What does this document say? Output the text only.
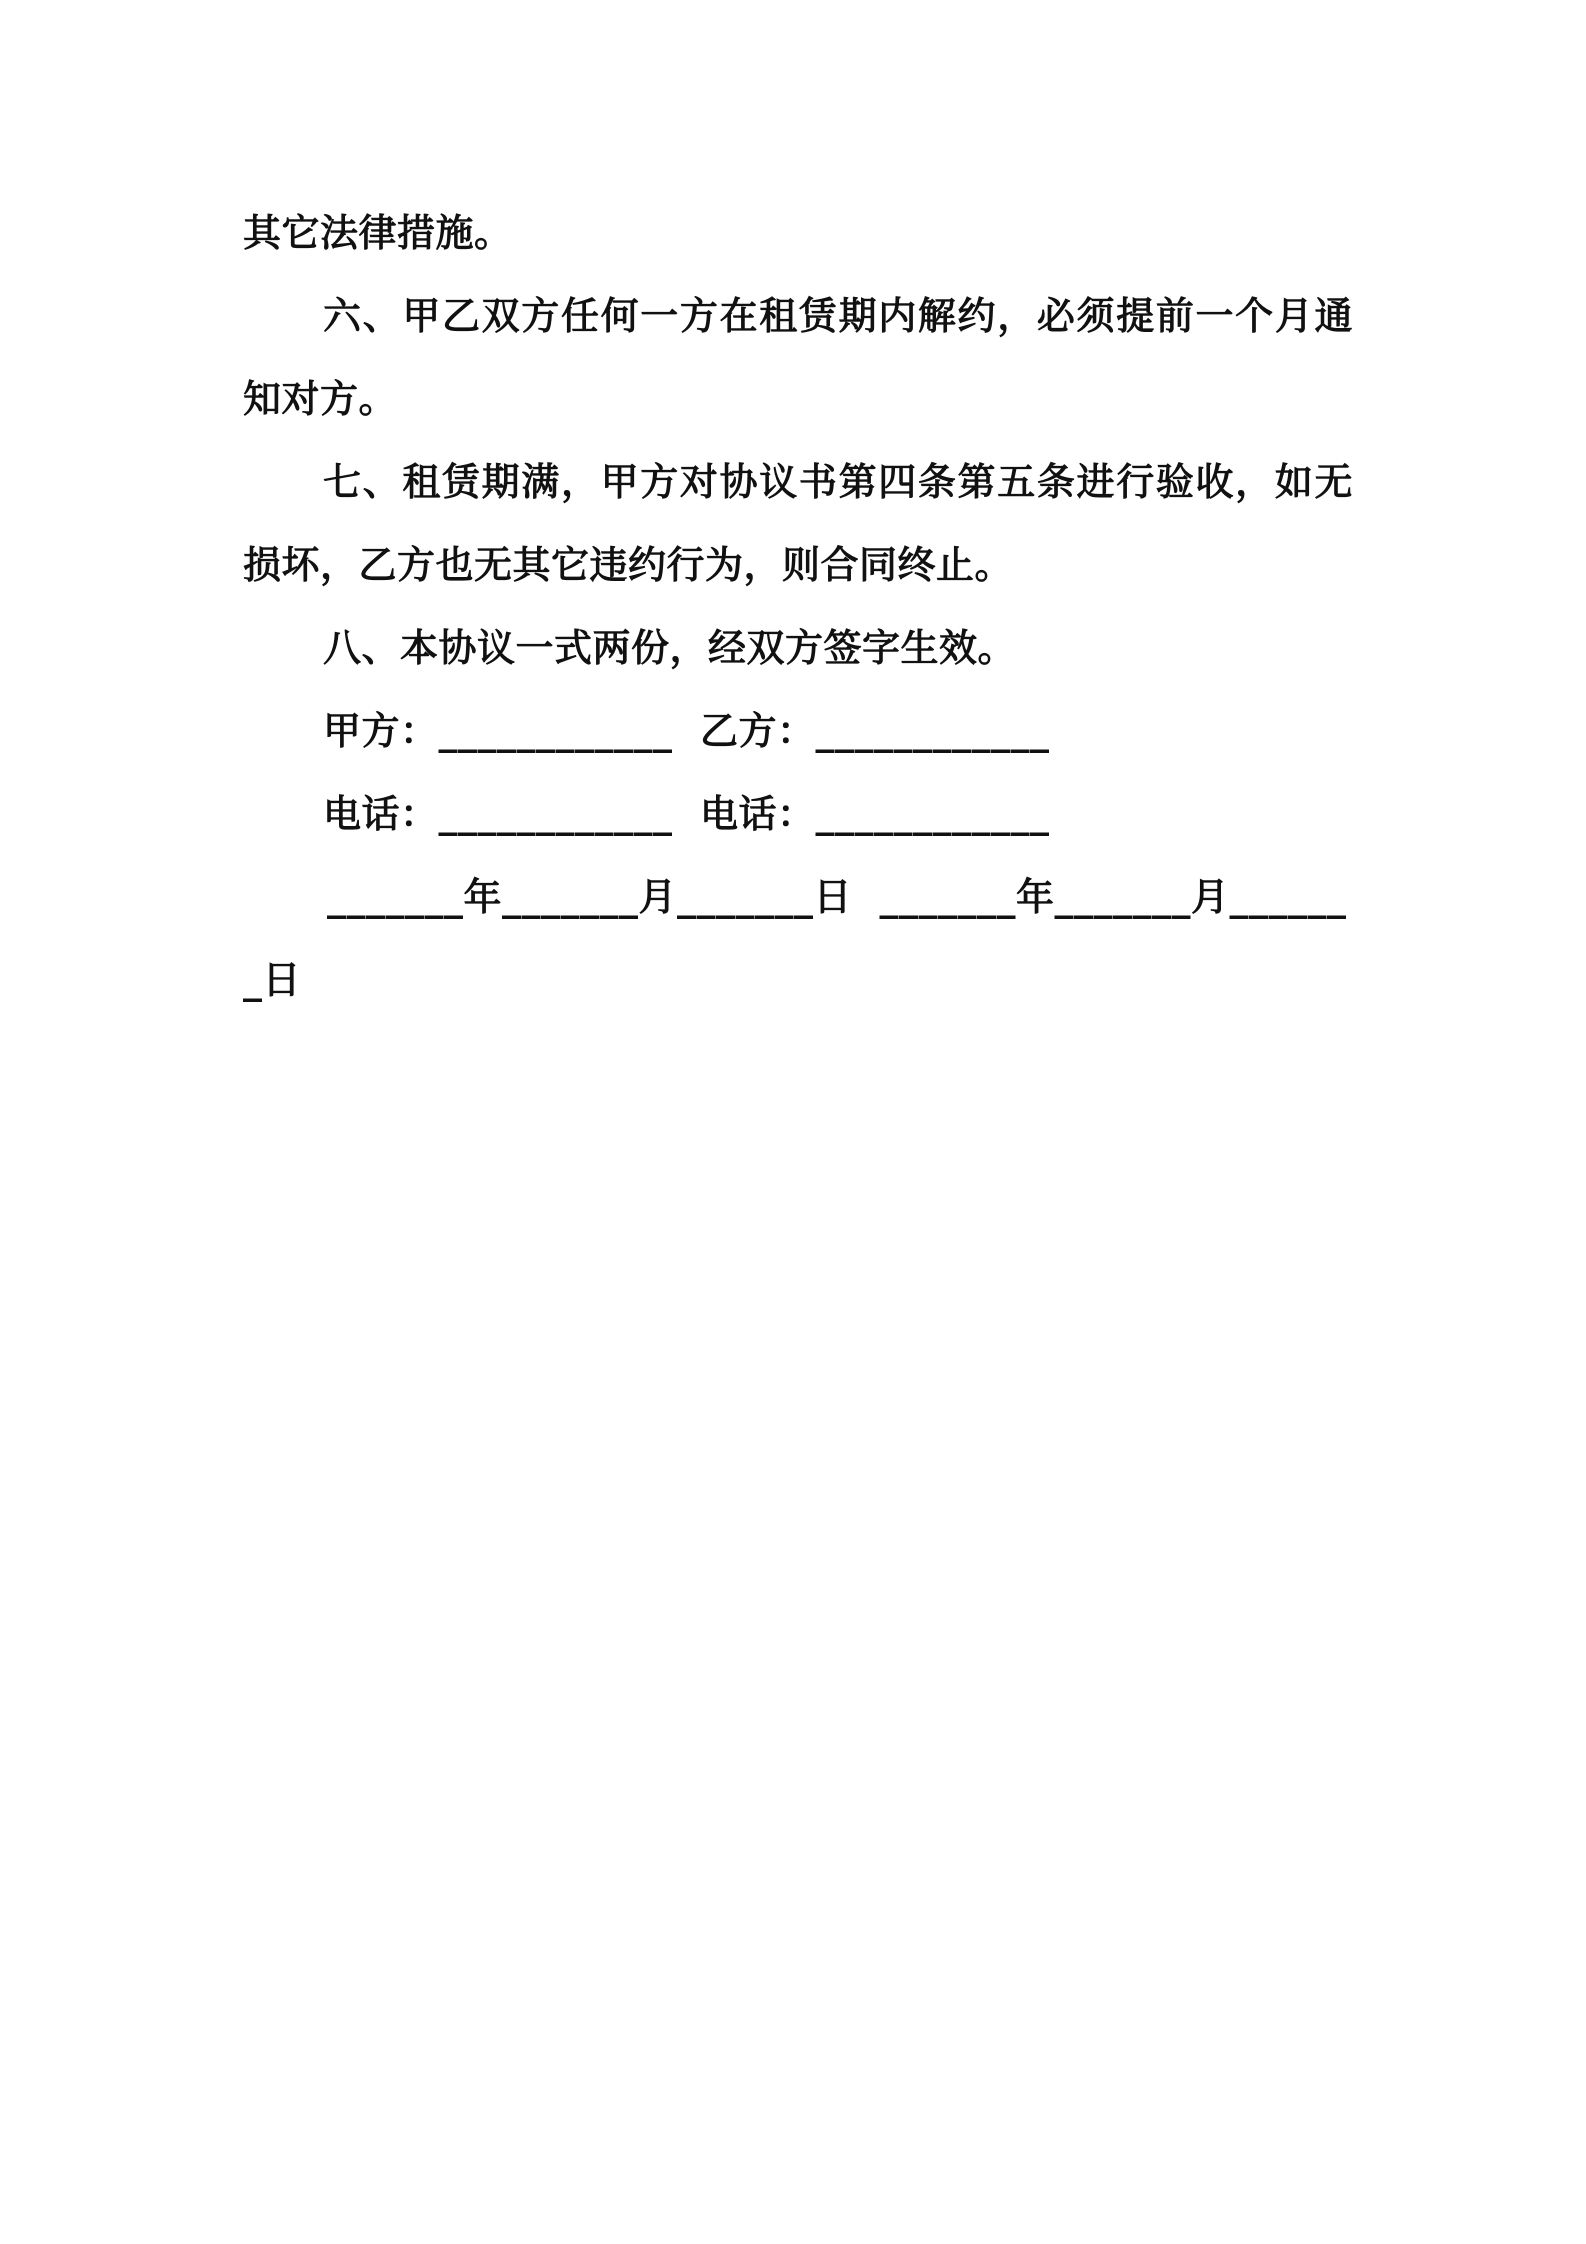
其它法律措施。

六、甲乙双方任何一方在租赁期内解约，必须提前一个月通知对方。

七、租赁期满，甲方对协议书第四条第五条进行验收，如无损坏，乙方也无其它违约行为，则合同终止。

八、本协议一式两份，经双方签字生效。

甲方：____________  乙方：____________

电话：____________  电话：____________

_______年_______月_______日  _______年_______月_______日
